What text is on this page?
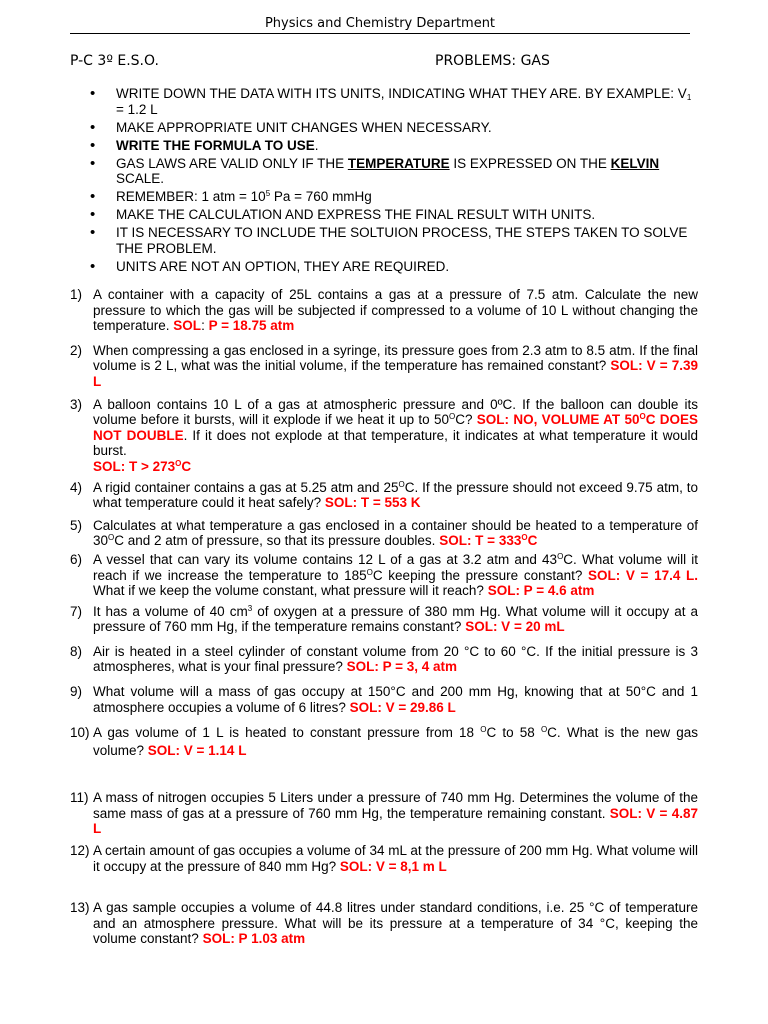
Physics and Chemistry Department
P-C 3º E.S.O.	PROBLEMS: GAS
• WRITE DOWN THE DATA WITH ITS UNITS, INDICATING WHAT THEY ARE. BY EXAMPLE: $V_1 = 1.2$ L
• MAKE APPROPRIATE UNIT CHANGES WHEN NECESSARY.
• WRITE THE FORMULA TO USE.
• GAS LAWS ARE VALID ONLY IF THE TEMPERATURE IS EXPRESSED ON THE KELVIN SCALE.
• REMEMBER: 1 atm = $10^5$ Pa = 760 mmHg
• MAKE THE CALCULATION AND EXPRESS THE FINAL RESULT WITH UNITS.
• IT IS NECESSARY TO INCLUDE THE SOLTUION PROCESS, THE STEPS TAKEN TO SOLVE THE PROBLEM.
• UNITS ARE NOT AN OPTION, THEY ARE REQUIRED.
1) A container with a capacity of 25L contains a gas at a pressure of 7.5 atm. Calculate the new pressure to which the gas will be subjected if compressed to a volume of 10 L without changing the temperature. SOL: P = 18.75 atm
2) When compressing a gas enclosed in a syringe, its pressure goes from 2.3 atm to 8.5 atm. If the final volume is 2 L, what was the initial volume, if the temperature has remained constant? SOL: V = 7.39 L
3) A balloon contains 10 L of a gas at atmospheric pressure and 0ºC. If the balloon can double its volume before it bursts, will it explode if we heat it up to $50^OC$? SOL: NO, VOLUME AT $50^OC$ DOES NOT DOUBLE. If it does not explode at that temperature, it indicates at what temperature it would burst.
SOL: $T > 273^OC$
4) A rigid container contains a gas at 5.25 atm and $25^OC$. If the pressure should not exceed 9.75 atm, to what temperature could it heat safely? SOL: T = 553 K
5) Calculates at what temperature a gas enclosed in a container should be heated to a temperature of $30^OC$ and 2 atm of pressure, so that its pressure doubles. SOL: $T = 333^OC$
6) A vessel that can vary its volume contains 12 L of a gas at 3.2 atm and $43^OC$. What volume will it reach if we increase the temperature to $185^OC$ keeping the pressure constant? SOL: V = 17.4 L. What if we keep the volume constant, what pressure will it reach? SOL: P = 4.6 atm
7) It has a volume of 40 $cm^3$ of oxygen at a pressure of 380 mm Hg. What volume will it occupy at a pressure of 760 mm Hg, if the temperature remains constant? SOL: V = 20 mL
8) Air is heated in a steel cylinder of constant volume from 20 °C to 60 °C. If the initial pressure is 3 atmospheres, what is your final pressure? SOL: P = 3, 4 atm
9) What volume will a mass of gas occupy at 150°C and 200 mm Hg, knowing that at 50°C and 1 atmosphere occupies a volume of 6 litres? SOL: V = 29.86 L
10) A gas volume of 1 L is heated to constant pressure from 18 $^O$C to 58 $^O$C. What is the new gas volume? SOL: V = 1.14 L
11) A mass of nitrogen occupies 5 Liters under a pressure of 740 mm Hg. Determines the volume of the same mass of gas at a pressure of 760 mm Hg, the temperature remaining constant. SOL: V = 4.87 L
12) A certain amount of gas occupies a volume of 34 mL at the pressure of 200 mm Hg. What volume will it occupy at the pressure of 840 mm Hg? SOL: V = 8,1 m L
13) A gas sample occupies a volume of 44.8 litres under standard conditions, i.e. 25 °C of temperature and an atmosphere pressure. What will be its pressure at a temperature of 34 °C, keeping the volume constant? SOL: P 1.03 atm
